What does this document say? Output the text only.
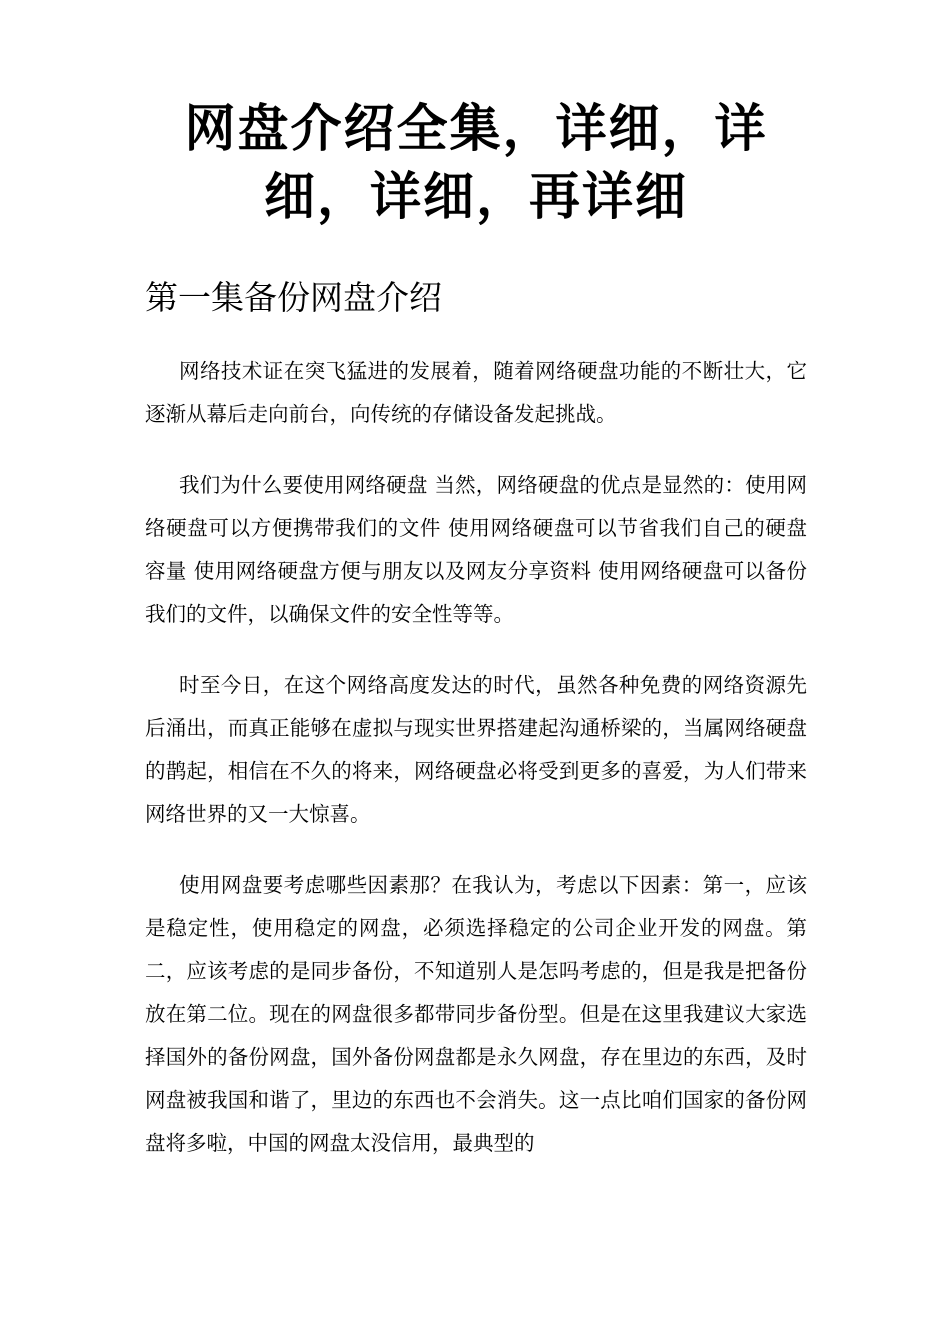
网盘介绍全集，详细，详细，详细，再详细
第一集备份网盘介绍

网络技术证在突飞猛进的发展着，随着网络硬盘功能的不断壮大，它逐渐从幕后走向前台，向传统的存储设备发起挑战。

我们为什么要使用网络硬盘 当然，网络硬盘的优点是显然的：使用网络硬盘可以方便携带我们的文件 使用网络硬盘可以节省我们自己的硬盘容量 使用网络硬盘方便与朋友以及网友分享资料 使用网络硬盘可以备份我们的文件，以确保文件的安全性等等。

时至今日，在这个网络高度发达的时代，虽然各种免费的网络资源先后涌出，而真正能够在虚拟与现实世界搭建起沟通桥梁的，当属网络硬盘的鹊起，相信在不久的将来，网络硬盘必将受到更多的喜爱，为人们带来网络世界的又一大惊喜。

使用网盘要考虑哪些因素那？在我认为，考虑以下因素：第一，应该是稳定性，使用稳定的网盘，必须选择稳定的公司企业开发的网盘。第二，应该考虑的是同步备份，不知道别人是怎吗考虑的，但是我是把备份放在第二位。现在的网盘很多都带同步备份型。但是在这里我建议大家选择国外的备份网盘，国外备份网盘都是永久网盘，存在里边的东西，及时网盘被我国和谐了，里边的东西也不会消失。这一点比咱们国家的备份网盘将多啦，中国的网盘太没信用，最典型的
